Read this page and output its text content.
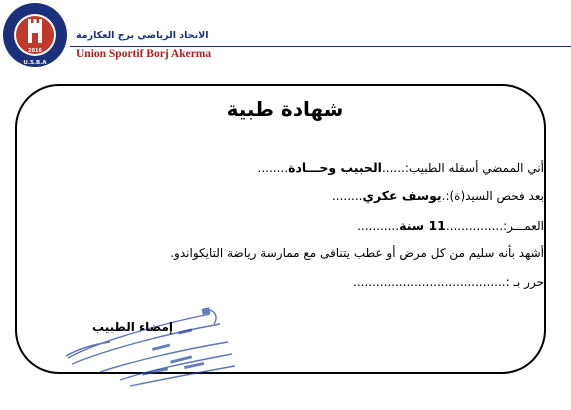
2016
U.S.B.A
الاتحاد الرياضي برج العكارمة
Union Sportif Borj Akerma
شهادة طبية
أني الممضي أسفله الطبيب:......الحبيب وحـــادة........
بعد فحص السيد(ة):.يوسف عكري........
العمـــر:...............11 سنة...........
أشهد بأنه سليم من كل مرض أو عطب يتنافى مع ممارسة رياضة التايكواندو.
حرر بـ :........................................
إمضاء الطبيب
